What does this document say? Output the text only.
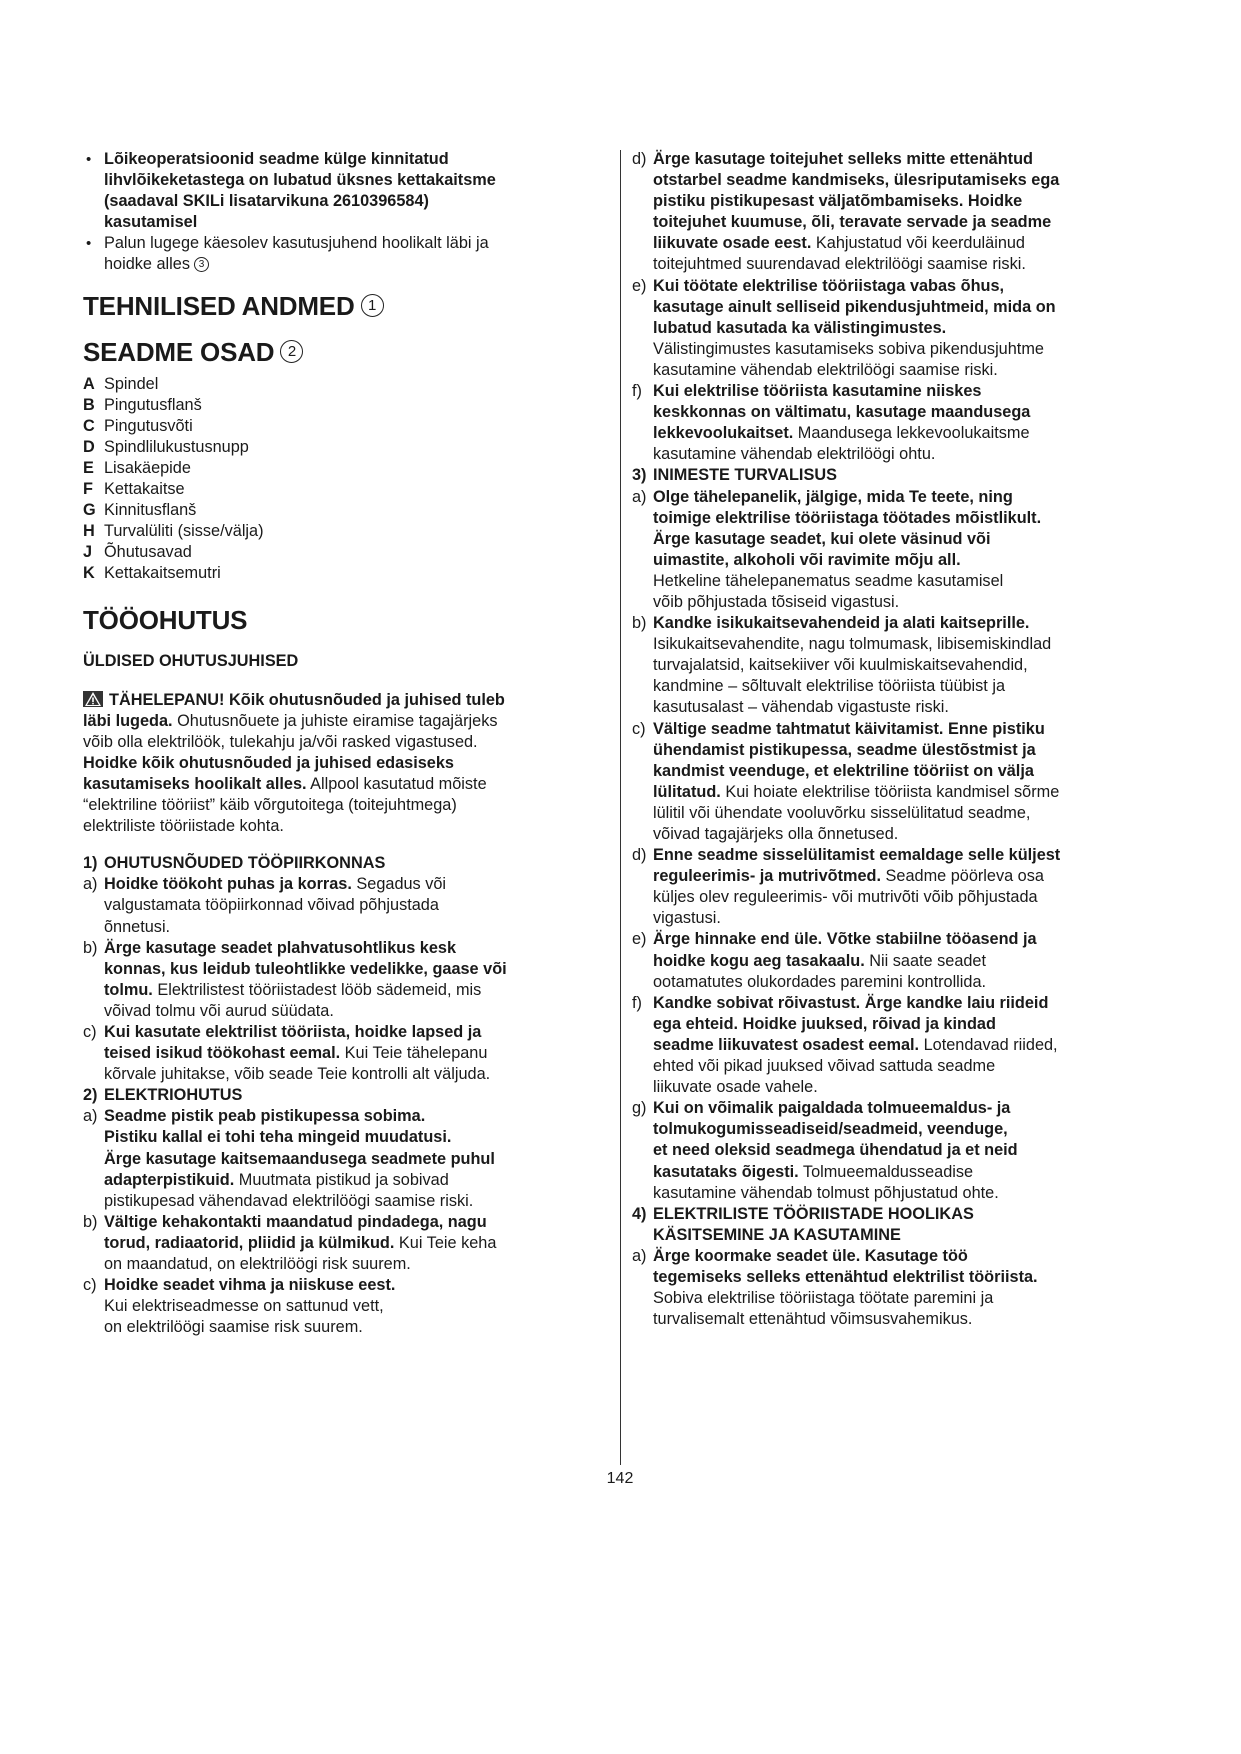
• Lõikeoperatsioonid seadme külge kinnitatud
lihvlõikeketastega on lubatud üksnes kettakaitsme
(saadaval SKILi lisatarvikuna 2610396584)
kasutamisel
• Palun lugege käesolev kasutusjuhend hoolikalt läbi ja
hoidke alles 3
TEHNILISED ANDMED 1
SEADME OSAD 2
A Spindel
B Pingutusflanš
C Pingutusvõti
D Spindlilukustusnupp
E Lisakäepide
F Kettakaitse
G Kinnitusflanš
H Turvalüliti (sisse/välja)
J Õhutusavad
K Kettakaitsemutri
TÖÖOHUTUS
ÜLDISED OHUTUSJUHISED
TÄHELEPANU! Kõik ohutusnõuded ja juhised tuleb
läbi lugeda. Ohutusnõuete ja juhiste eiramise tagajärjeks
võib olla elektrilöök, tulekahju ja/või rasked vigastused.
Hoidke kõik ohutusnõuded ja juhised edasiseks
kasutamiseks hoolikalt alles. Allpool kasutatud mõiste
“elektriline tööriist” käib võrgutoitega (toitejuhtmega)
elektriliste tööriistade kohta.
1) OHUTUSNÕUDED TÖÖPIIRKONNAS
a) Hoidke töökoht puhas ja korras. Segadus või
valgustamata tööpiirkonnad võivad põhjustada
õnnetusi.
b) Ärge kasutage seadet plahvatusohtlikus kesk
konnas, kus leidub tuleohtlikke vedelikke, gaase või
tolmu. Elektrilistest tööriistadest lööb sädemeid, mis
võivad tolmu või aurud süüdata.
c) Kui kasutate elektrilist tööriista, hoidke lapsed ja
teised isikud töökohast eemal. Kui Teie tähelepanu
kõrvale juhitakse, võib seade Teie kontrolli alt väljuda.
2) ELEKTRIOHUTUS
a) Seadme pistik peab pistikupessa sobima.
Pistiku kallal ei tohi teha mingeid muudatusi.
Ärge kasutage kaitsemaandusega seadmete puhul
adapterpistikuid. Muutmata pistikud ja sobivad
pistikupesad vähendavad elektrilöögi saamise riski.
b) Vältige kehakontakti maandatud pindadega, nagu
torud, radiaatorid, pliidid ja külmikud. Kui Teie keha
on maandatud, on elektrilöögi risk suurem.
c) Hoidke seadet vihma ja niiskuse eest.
Kui elektriseadmesse on sattunud vett,
on elektrilöögi saamise risk suurem.
d) Ärge kasutage toitejuhet selleks mitte ettenähtud
otstarbel seadme kandmiseks, ülesriputamiseks ega
pistiku pistikupesast väljatõmbamiseks. Hoidke
toitejuhet kuumuse, õli, teravate servade ja seadme
liikuvate osade eest. Kahjustatud või keerduläinud
toitejuhtmed suurendavad elektrilöögi saamise riski.
e) Kui töötate elektrilise tööriistaga vabas õhus,
kasutage ainult selliseid pikendusjuhtmeid, mida on
lubatud kasutada ka välistingimustes.
Välistingimustes kasutamiseks sobiva pikendusjuhtme
kasutamine vähendab elektrilöögi saamise riski.
f) Kui elektrilise tööriista kasutamine niiskes
keskkonnas on vältimatu, kasutage maandusega
lekkevoolukaitset. Maandusega lekkevoolukaitsme
kasutamine vähendab elektrilöögi ohtu.
3) INIMESTE TURVALISUS
a) Olge tähelepanelik, jälgige, mida Te teete, ning
toimige elektrilise tööriistaga töötades mõistlikult.
Ärge kasutage seadet, kui olete väsinud või
uimastite, alkoholi või ravimite mõju all.
Hetkeline tähelepanematus seadme kasutamisel
võib põhjustada tõsiseid vigastusi.
b) Kandke isikukaitsevahendeid ja alati kaitseprille.
Isikukaitsevahendite, nagu tolmumask, libisemiskindlad
turvajalatsid, kaitsekiiver või kuulmiskaitsevahendid,
kandmine – sõltuvalt elektrilise tööriista tüübist ja
kasutusalast – vähendab vigastuste riski.
c) Vältige seadme tahtmatut käivitamist. Enne pistiku
ühendamist pistikupessa, seadme ülestõstmist ja
kandmist veenduge, et elektriline tööriist on välja
lülitatud. Kui hoiate elektrilise tööriista kandmisel sõrme
lülitil või ühendate vooluvõrku sisselülitatud seadme,
võivad tagajärjeks olla õnnetused.
d) Enne seadme sisselülitamist eemaldage selle küljest
reguleerimis- ja mutrivõtmed. Seadme pöörleva osa
küljes olev reguleerimis- või mutrivõti võib põhjustada
vigastusi.
e) Ärge hinnake end üle. Võtke stabiilne tööasend ja
hoidke kogu aeg tasakaalu. Nii saate seadet
ootamatutes olukordades paremini kontrollida.
f) Kandke sobivat rõivastust. Ärge kandke laiu riideid
ega ehteid. Hoidke juuksed, rõivad ja kindad
seadme liikuvatest osadest eemal. Lotendavad riided,
ehted või pikad juuksed võivad sattuda seadme
liikuvate osade vahele.
g) Kui on võimalik paigaldada tolmueemaldus- ja
tolmukogumisseadiseid/seadmeid, veenduge,
et need oleksid seadmega ühendatud ja et neid
kasutataks õigesti. Tolmueemaldusseadise
kasutamine vähendab tolmust põhjustatud ohte.
4) ELEKTRILISTE TÖÖRIISTADE HOOLIKAS
KÄSITSEMINE JA KASUTAMINE
a) Ärge koormake seadet üle. Kasutage töö
tegemiseks selleks ettenähtud elektrilist tööriista.
Sobiva elektrilise tööriistaga töötate paremini ja
turvalisemalt ettenähtud võimsusvahemikus.
142
